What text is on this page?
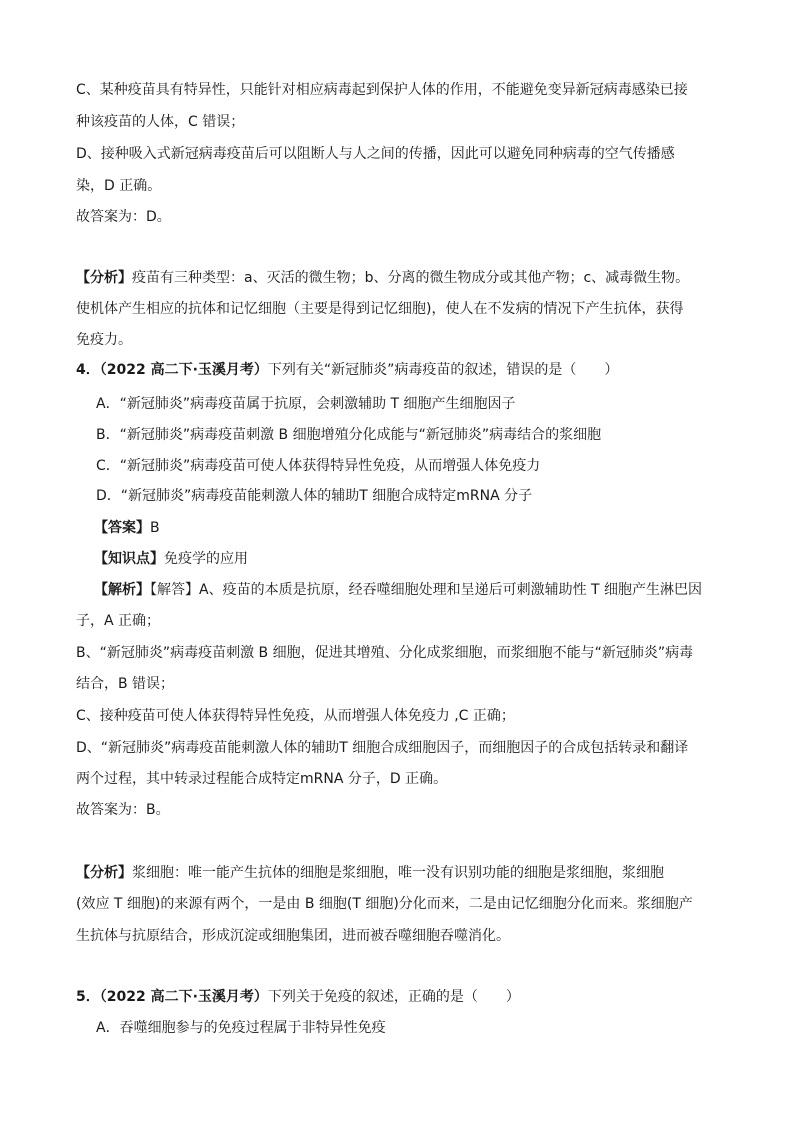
C、某种疫苗具有特异性，只能针对相应病毒起到保护人体的作用，不能避免变异新冠病毒感染已接
种该疫苗的人体，C 错误；
D、接种吸入式新冠病毒疫苗后可以阻断人与人之间的传播，因此可以避免同种病毒的空气传播感
染，D 正确。
故答案为：D。
【分析】疫苗有三种类型：a、灭活的微生物；b、分离的微生物成分或其他产物；c、减毒微生物。
使机体产生相应的抗体和记忆细胞（主要是得到记忆细胞)，使人在不发病的情况下产生抗体，获得
免疫力。
4．（2022 高二下·玉溪月考）下列有关“新冠肺炎”病毒疫苗的叙述，错误的是（　　）
A．“新冠肺炎”病毒疫苗属于抗原，会刺激辅助 T 细胞产生细胞因子
B．“新冠肺炎”病毒疫苗刺激 B 细胞增殖分化成能与“新冠肺炎”病毒结合的浆细胞
C．“新冠肺炎”病毒疫苗可使人体获得特异性免疫，从而增强人体免疫力
D．“新冠肺炎”病毒疫苗能刺激人体的辅助T 细胞合成特定mRNA 分子
【答案】B
【知识点】免疫学的应用
【解析】【解答】A、疫苗的本质是抗原，经吞噬细胞处理和呈递后可刺激辅助性 T 细胞产生淋巴因
子，A 正确；
B、“新冠肺炎”病毒疫苗刺激 B 细胞，促进其增殖、分化成浆细胞，而浆细胞不能与“新冠肺炎”病毒
结合，B 错误；
C、接种疫苗可使人体获得特异性免疫，从而增强人体免疫力 ,C 正确；
D、“新冠肺炎”病毒疫苗能刺激人体的辅助T 细胞合成细胞因子，而细胞因子的合成包括转录和翻译
两个过程，其中转录过程能合成特定mRNA 分子，D 正确。
故答案为：B。
【分析】浆细胞：唯一能产生抗体的细胞是浆细胞，唯一没有识别功能的细胞是浆细胞，浆细胞
(效应 T 细胞)的来源有两个，一是由 B 细胞(T 细胞)分化而来，二是由记忆细胞分化而来。浆细胞产
生抗体与抗原结合，形成沉淀或细胞集团，进而被吞噬细胞吞噬消化。
5．（2022 高二下·玉溪月考）下列关于免疫的叙述，正确的是（　　）
A．吞噬细胞参与的免疫过程属于非特异性免疫
